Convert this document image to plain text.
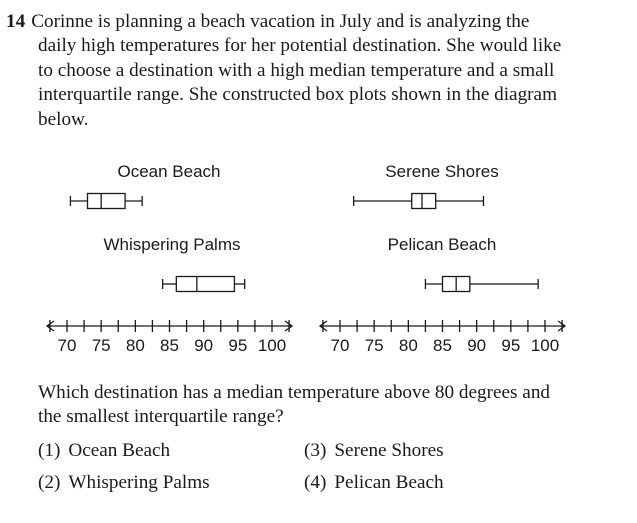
14 Corinne is planning a beach vacation in July and is analyzing the
daily high temperatures for her potential destination. She would like
to choose a destination with a high median temperature and a small
interquartile range. She constructed box plots shown in the diagram
below.
Ocean Beach
Whispering Palms
Serene Shores
Pelican Beach
70 75 80 85 90 95 100	70 75 80 85 90 95 100
Which destination has a median temperature above 80 degrees and
the smallest interquartile range?
(1) Ocean Beach
(2) Whispering Palms
(3) Serene Shores
(4) Pelican Beach
